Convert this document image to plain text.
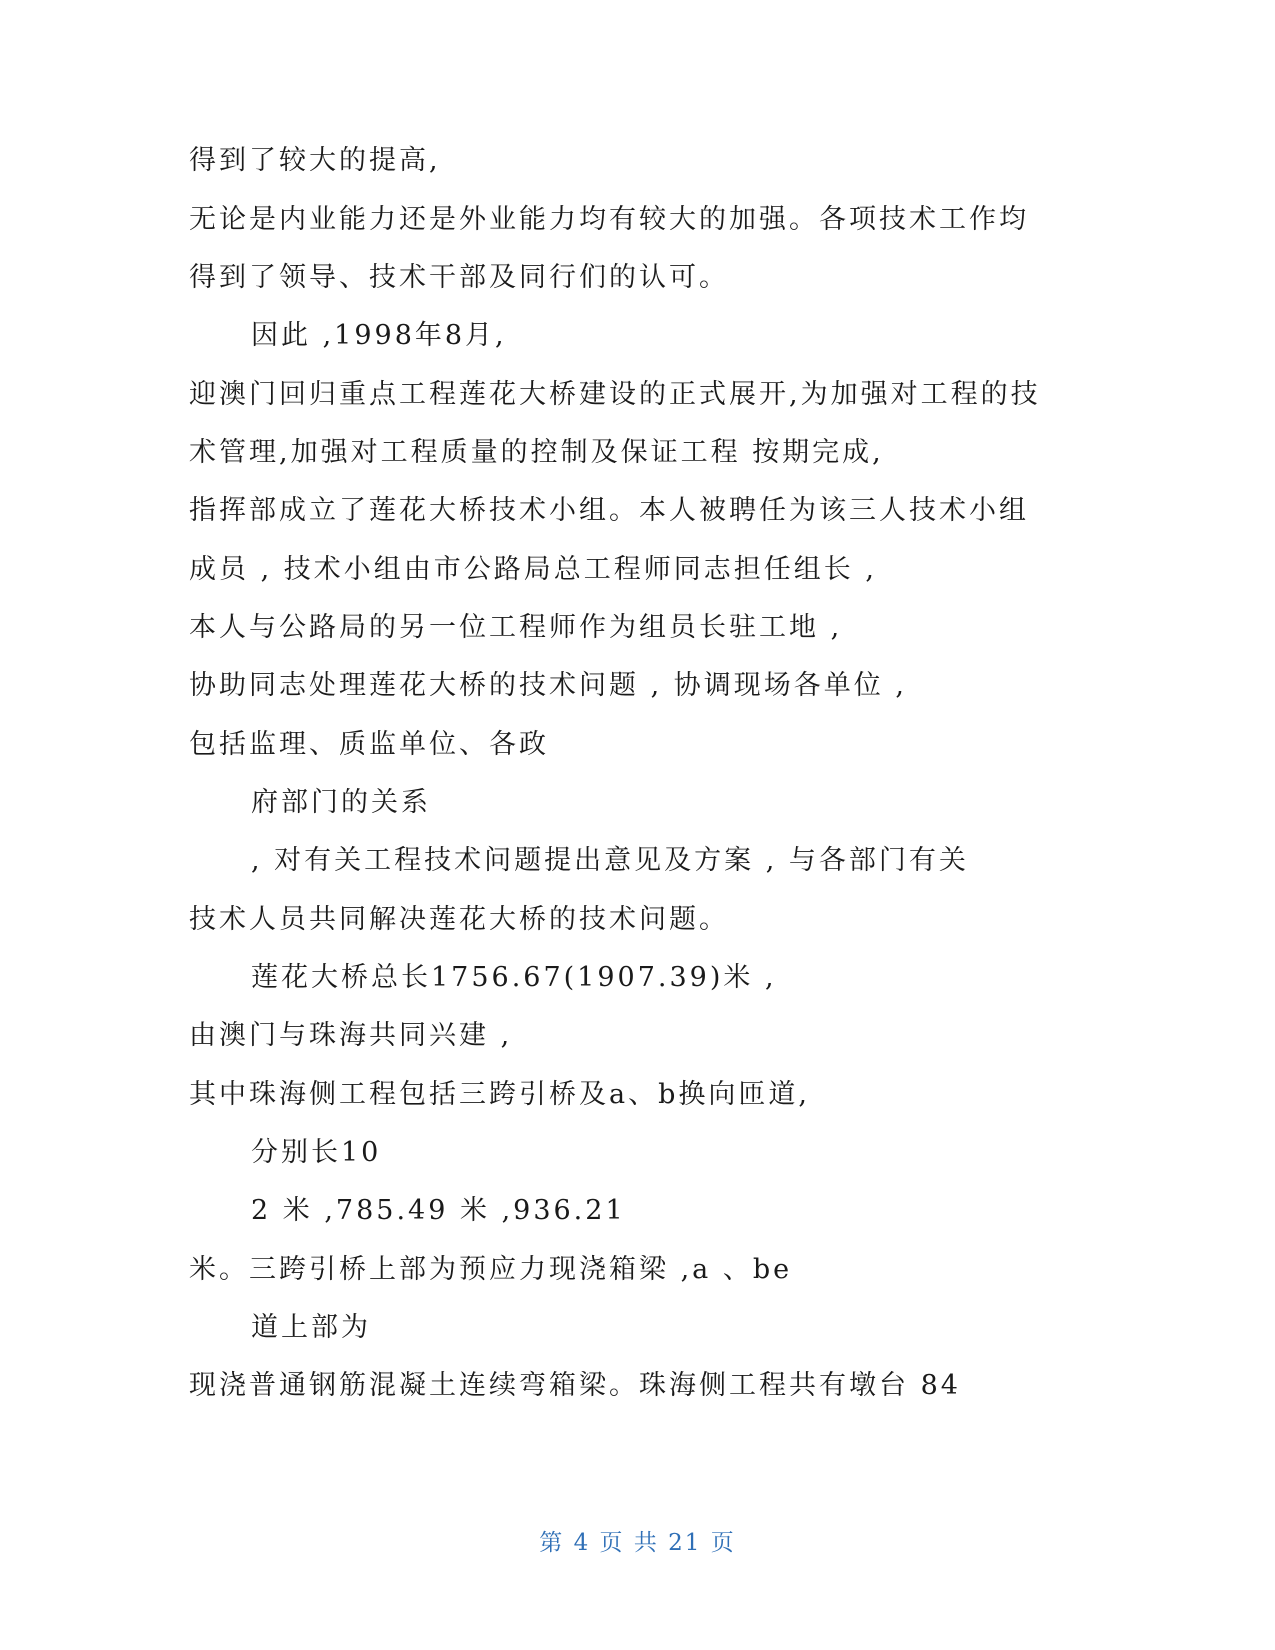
得到了较大的提高,
无论是内业能力还是外业能力均有较大的加强。各项技术工作均
得到了领导、技术干部及同行们的认可。
因此 ,1998年8月,
迎澳门回归重点工程莲花大桥建设的正式展开,为加强对工程的技
术管理,加强对工程质量的控制及保证工程 按期完成,
指挥部成立了莲花大桥技术小组。本人被聘任为该三人技术小组
成员 , 技术小组由市公路局总工程师同志担任组长 ,
本人与公路局的另一位工程师作为组员长驻工地 ,
协助同志处理莲花大桥的技术问题 , 协调现场各单位 ,
包括监理、质监单位、各政
府部门的关系
, 对有关工程技术问题提出意见及方案 , 与各部门有关
技术人员共同解决莲花大桥的技术问题。
莲花大桥总长1756.67(1907.39)米 ,
由澳门与珠海共同兴建 ,
其中珠海侧工程包括三跨引桥及a、b换向匝道,
分别长10
2 米 ,785.49 米 ,936.21
米。三跨引桥上部为预应力现浇箱梁 ,a 、be
道上部为
现浇普通钢筋混凝土连续弯箱梁。珠海侧工程共有墩台 84
第 4 页 共 21 页
